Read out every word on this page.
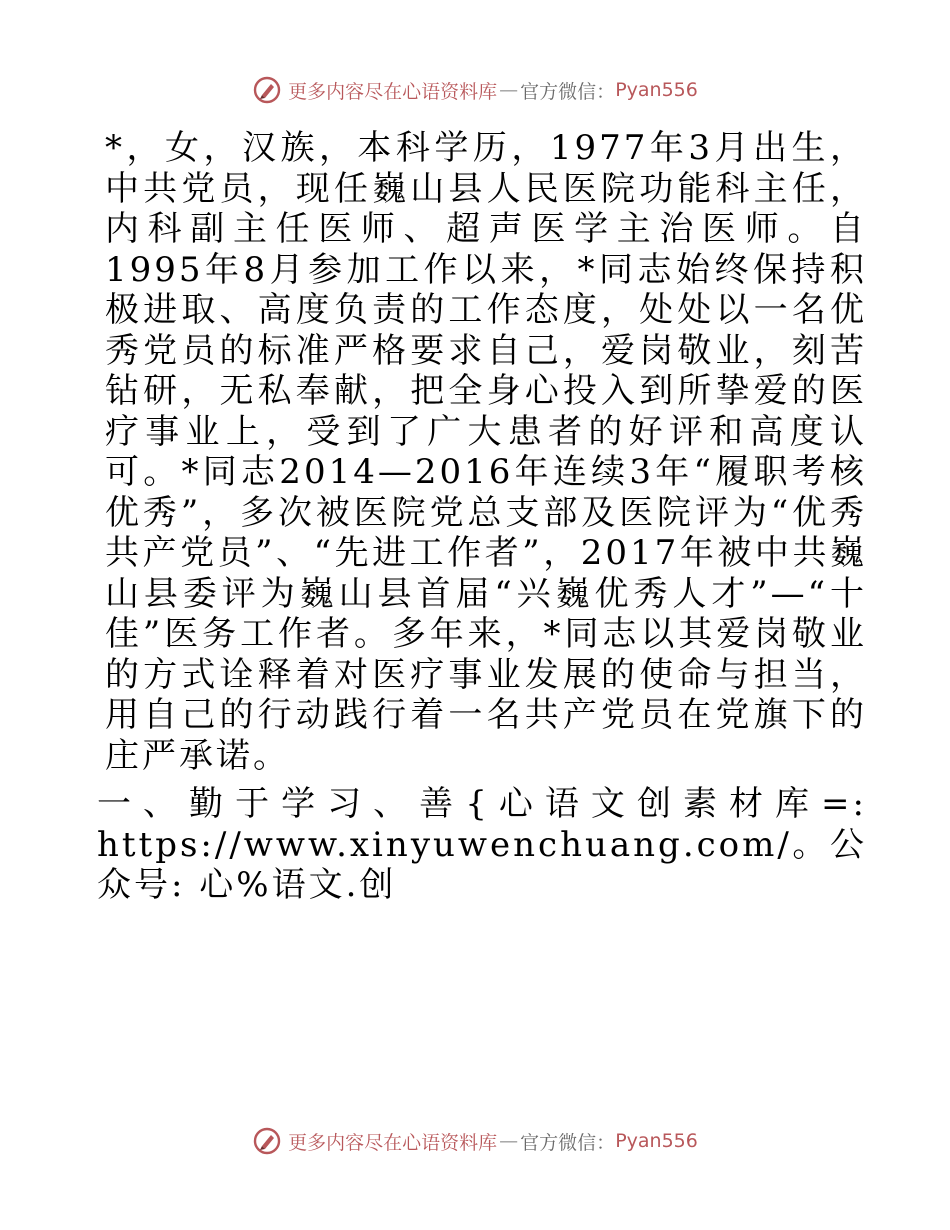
更多内容尽在心语资料库 — 官方微信： Pyan556

*，女，汉族，本科学历，1977年3月出生，中共党员，现任巍山县人民医院功能科主任，内科副主任医师、超声医学主治医师。自1995年8月参加工作以来，*同志始终保持积极进取、高度负责的工作态度，处处以一名优秀党员的标准严格要求自己，爱岗敬业，刻苦钻研，无私奉献，把全身心投入到所挚爱的医疗事业上，受到了广大患者的好评和高度认可。*同志2014—2016年连续3年“履职考核优秀”，多次被医院党总支部及医院评为“优秀共产党员”、“先进工作者”，2017年被中共巍山县委评为巍山县首届“兴巍优秀人才”—“十佳”医务工作者。多年来，*同志以其爱岗敬业的方式诠释着对医疗事业发展的使命与担当，用自己的行动践行着一名共产党员在党旗下的庄严承诺。

一、勤于学习、善{心语文创素材库=: https://www.xinyuwenchuang.com/。公众号: 心%语文.创

更多内容尽在心语资料库 — 官方微信： Pyan556
